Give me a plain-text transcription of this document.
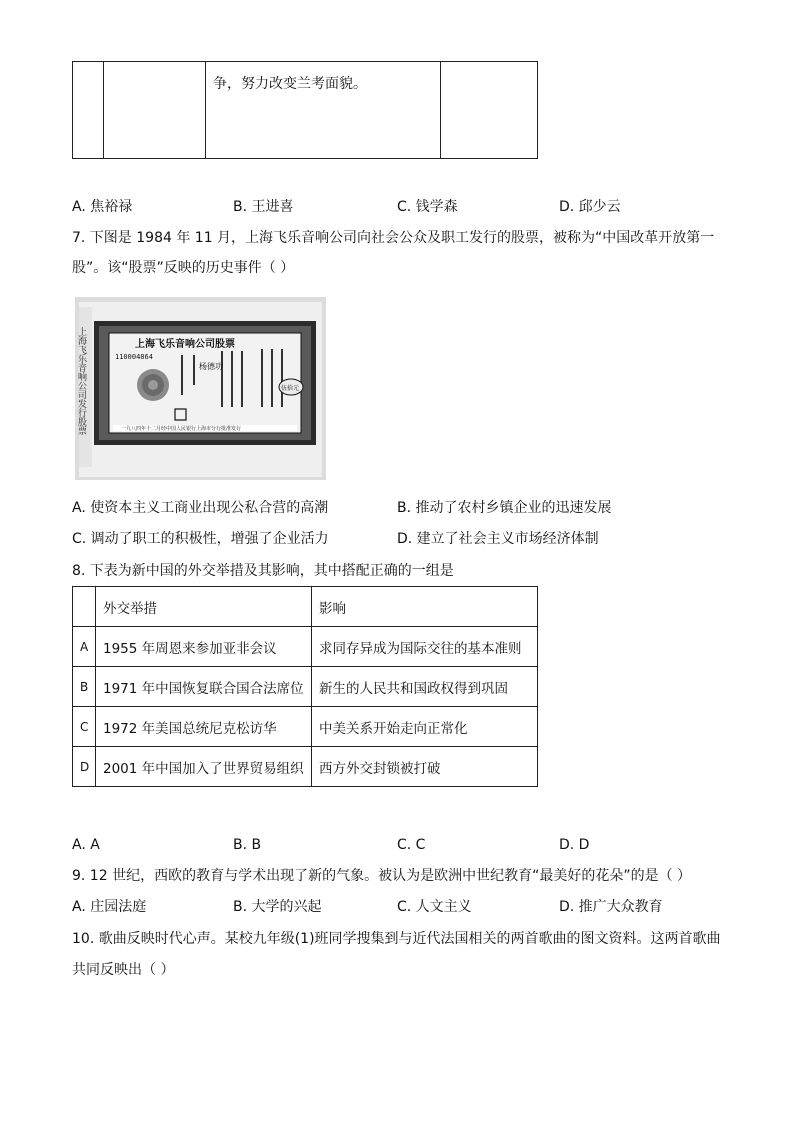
		争，努力改变兰考面貌。	
A. 焦裕禄	B. 王进喜	C. 钱学森	D. 邱少云
7. 下图是 1984 年 11 月，上海飞乐音响公司向社会公众及职工发行的股票，被称为“中国改革开放第一
股”。该“股票”反映的历史事件（ ）
上海飞乐音响公司发行股票	上海飞乐音响公司股票
110004864
杨德功
伍拾元
一九八四年十二月经中国人民银行上海市分行批准发行
A. 使资本主义工商业出现公私合营的高潮	B. 推动了农村乡镇企业的迅速发展
C. 调动了职工的积极性，增强了企业活力	D. 建立了社会主义市场经济体制
8. 下表为新中国的外交举措及其影响，其中搭配正确的一组是
	外交举措	影响
A	1955 年周恩来参加亚非会议	求同存异成为国际交往的基本准则
B	1971 年中国恢复联合国合法席位	新生的人民共和国政权得到巩固
C	1972 年美国总统尼克松访华	中美关系开始走向正常化
D	2001 年中国加入了世界贸易组织	西方外交封锁被打破
A. A	B. B	C. C	D. D
9. 12 世纪，西欧的教育与学术出现了新的气象。被认为是欧洲中世纪教育“最美好的花朵”的是（ ）
A. 庄园法庭	B. 大学的兴起	C. 人文主义	D. 推广大众教育
10. 歌曲反映时代心声。某校九年级(1)班同学搜集到与近代法国相关的两首歌曲的图文资料。这两首歌曲
共同反映出（ ）
